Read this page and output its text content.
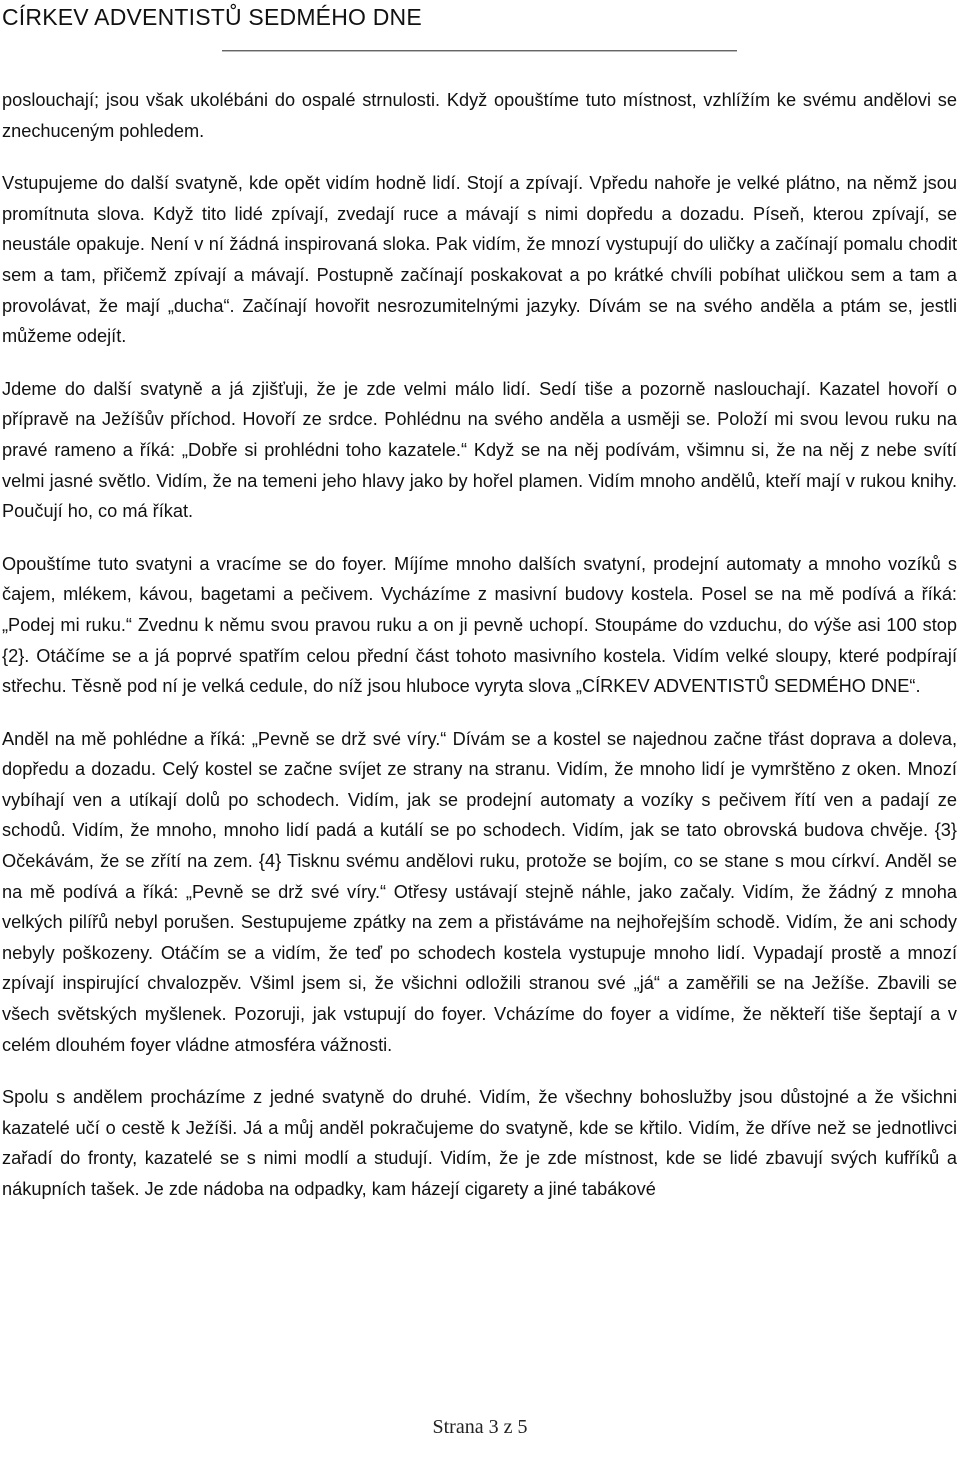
CÍRKEV ADVENTISTŮ SEDMÉHO DNE

poslouchají; jsou však ukolébáni do ospalé strnulosti. Když opouštíme tuto místnost, vzhlížím ke svému andělovi se znechuceným pohledem.

Vstupujeme do další svatyně, kde opět vidím hodně lidí. Stojí a zpívají. Vpředu nahoře je velké plátno, na němž jsou promítnuta slova. Když tito lidé zpívají, zvedají ruce a mávají s nimi dopředu a dozadu. Píseň, kterou zpívají, se neustále opakuje. Není v ní žádná inspirovaná sloka. Pak vidím, že mnozí vystupují do uličky a začínají pomalu chodit sem a tam, přičemž zpívají a mávají. Postupně začínají poskakovat a po krátké chvíli pobíhat uličkou sem a tam a provolávat, že mají „ducha“. Začínají hovořit nesrozumitelnými jazyky. Dívám se na svého anděla a ptám se, jestli můžeme odejít.

Jdeme do další svatyně a já zjišťuji, že je zde velmi málo lidí. Sedí tiše a pozorně naslouchají. Kazatel hovoří o přípravě na Ježíšův příchod. Hovoří ze srdce. Pohlédnu na svého anděla a usměji se. Položí mi svou levou ruku na pravé rameno a říká: „Dobře si prohlédni toho kazatele.“ Když se na něj podívám, všimnu si, že na něj z nebe svítí velmi jasné světlo. Vidím, že na temeni jeho hlavy jako by hořel plamen. Vidím mnoho andělů, kteří mají v rukou knihy. Poučují ho, co má říkat.

Opouštíme tuto svatyni a vracíme se do foyer. Míjíme mnoho dalších svatyní, prodejní automaty a mnoho vozíků s čajem, mlékem, kávou, bagetami a pečivem. Vycházíme z masivní budovy kostela. Posel se na mě podívá a říká: „Podej mi ruku.“ Zvednu k němu svou pravou ruku a on ji pevně uchopí. Stoupáme do vzduchu, do výše asi 100 stop {2}. Otáčíme se a já poprvé spatřím celou přední část tohoto masivního kostela. Vidím velké sloupy, které podpírají střechu. Těsně pod ní je velká cedule, do níž jsou hluboce vyryta slova „CÍRKEV ADVENTISTŮ SEDMÉHO DNE“.

Anděl na mě pohlédne a říká: „Pevně se drž své víry.“ Dívám se a kostel se najednou začne třást doprava a doleva, dopředu a dozadu. Celý kostel se začne svíjet ze strany na stranu. Vidím, že mnoho lidí je vymrštěno z oken. Mnozí vybíhají ven a utíkají dolů po schodech. Vidím, jak se prodejní automaty a vozíky s pečivem řítí ven a padají ze schodů. Vidím, že mnoho, mnoho lidí padá a kutálí se po schodech. Vidím, jak se tato obrovská budova chvěje. {3} Očekávám, že se zřítí na zem. {4} Tisknu svému andělovi ruku, protože se bojím, co se stane s mou církví. Anděl se na mě podívá a říká: „Pevně se drž své víry.“ Otřesy ustávají stejně náhle, jako začaly. Vidím, že žádný z mnoha velkých pilířů nebyl porušen. Sestupujeme zpátky na zem a přistáváme na nejhořejším schodě. Vidím, že ani schody nebyly poškozeny. Otáčím se a vidím, že teď po schodech kostela vystupuje mnoho lidí. Vypadají prostě a mnozí zpívají inspirující chvalozpěv. Všiml jsem si, že všichni odložili stranou své „já“ a zaměřili se na Ježíše. Zbavili se všech světských myšlenek. Pozoruji, jak vstupují do foyer. Vcházíme do foyer a vidíme, že někteří tiše šeptají a v celém dlouhém foyer vládne atmosféra vážnosti.

Spolu s andělem procházíme z jedné svatyně do druhé. Vidím, že všechny bohoslužby jsou důstojné a že všichni kazatelé učí o cestě k Ježíši. Já a můj anděl pokračujeme do svatyně, kde se křtilo. Vidím, že dříve než se jednotlivci zařadí do fronty, kazatelé se s nimi modlí a studují. Vidím, že je zde místnost, kde se lidé zbavují svých kufříků a nákupních tašek. Je zde nádoba na odpadky, kam házejí cigarety a jiné tabákové

Strana 3 z 5
